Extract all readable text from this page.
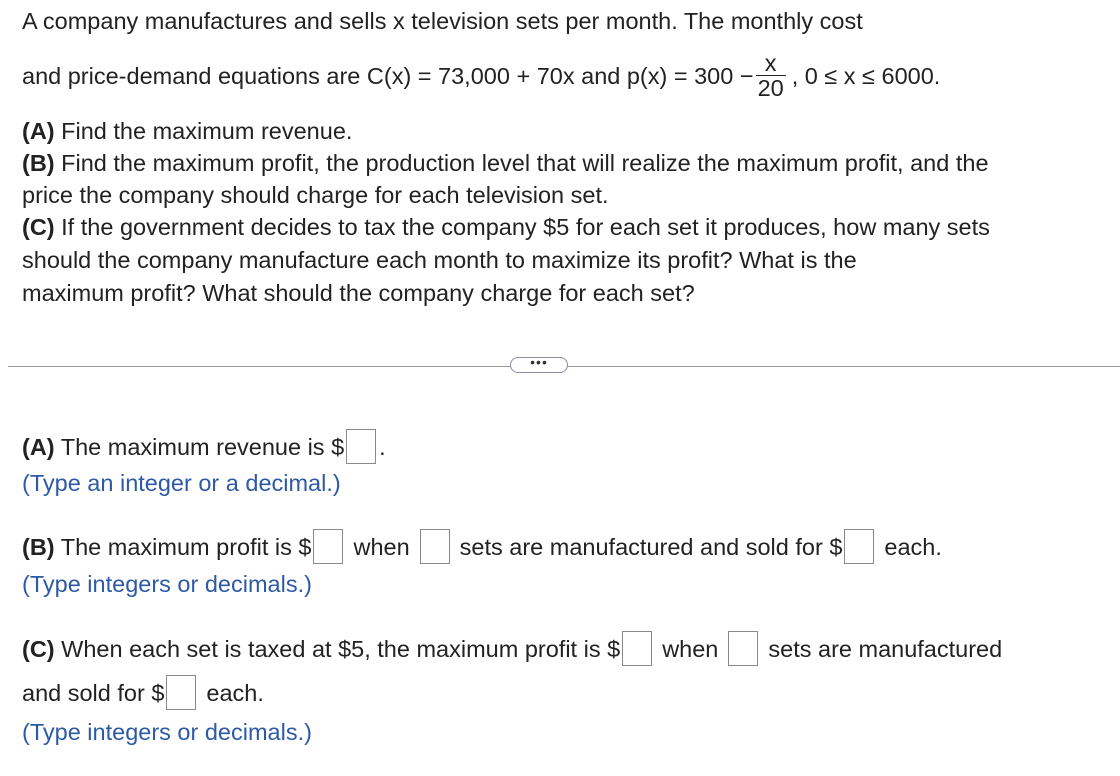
A company manufactures and sells x television sets per month. The monthly cost
and price-demand equations are C(x) = 73,000 + 70x and $p(x) = 300 - \frac{x}{20}$ , 0 ≤ x ≤ 6000.
(A) Find the maximum revenue.
(B) Find the maximum profit, the production level that will realize the maximum profit, and the
price the company should charge for each television set.
(C) If the government decides to tax the company $5 for each set it produces, how many sets
should the company manufacture each month to maximize its profit? What is the
maximum profit? What should the company charge for each set?
•••
(A) The maximum revenue is $ .
(Type an integer or a decimal.)
(B) The maximum profit is $ when sets are manufactured and sold for $ each.
(Type integers or decimals.)
(C) When each set is taxed at $5, the maximum profit is $ when sets are manufactured
and sold for $ each.
(Type integers or decimals.)
